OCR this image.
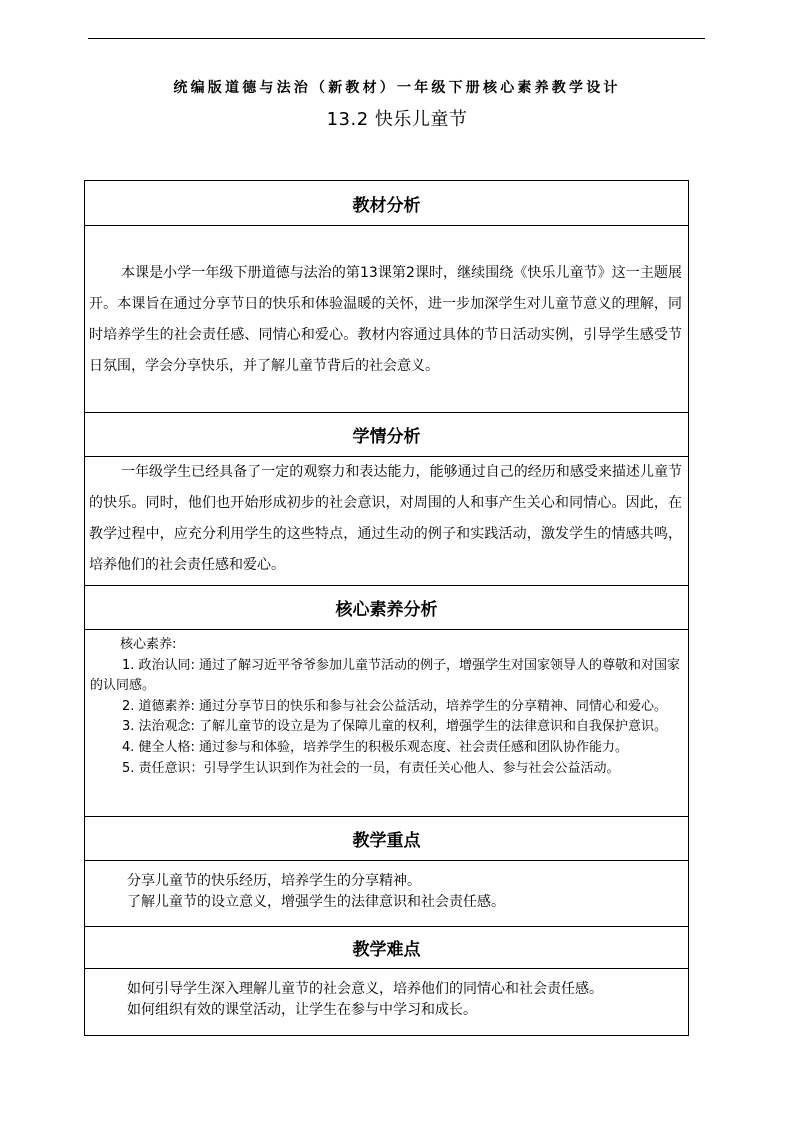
统编版道德与法治（新教材）一年级下册核心素养教学设计
13.2 快乐儿童节
教材分析

本课是小学一年级下册道德与法治的第13课第2课时，继续围绕《快乐儿童节》这一主题展开。本课旨在通过分享节日的快乐和体验温暖的关怀，进一步加深学生对儿童节意义的理解，同时培养学生的社会责任感、同情心和爱心。教材内容通过具体的节日活动实例，引导学生感受节日氛围，学会分享快乐，并了解儿童节背后的社会意义。

学情分析

一年级学生已经具备了一定的观察力和表达能力，能够通过自己的经历和感受来描述儿童节的快乐。同时，他们也开始形成初步的社会意识，对周围的人和事产生关心和同情心。因此，在教学过程中，应充分利用学生的这些特点，通过生动的例子和实践活动，激发学生的情感共鸣，培养他们的社会责任感和爱心。

核心素养分析
核心素养:
1. 政治认同: 通过了解习近平爷爷参加儿童节活动的例子，增强学生对国家领导人的尊敬和对国家的认同感。
2. 道德素养: 通过分享节日的快乐和参与社会公益活动，培养学生的分享精神、同情心和爱心。
3. 法治观念: 了解儿童节的设立是为了保障儿童的权利，增强学生的法律意识和自我保护意识。
4. 健全人格: 通过参与和体验，培养学生的积极乐观态度、社会责任感和团队协作能力。
5. 责任意识：引导学生认识到作为社会的一员，有责任关心他人、参与社会公益活动。
教学重点
分享儿童节的快乐经历，培养学生的分享精神。
了解儿童节的设立意义，增强学生的法律意识和社会责任感。
教学难点
如何引导学生深入理解儿童节的社会意义，培养他们的同情心和社会责任感。
如何组织有效的课堂活动，让学生在参与中学习和成长。
